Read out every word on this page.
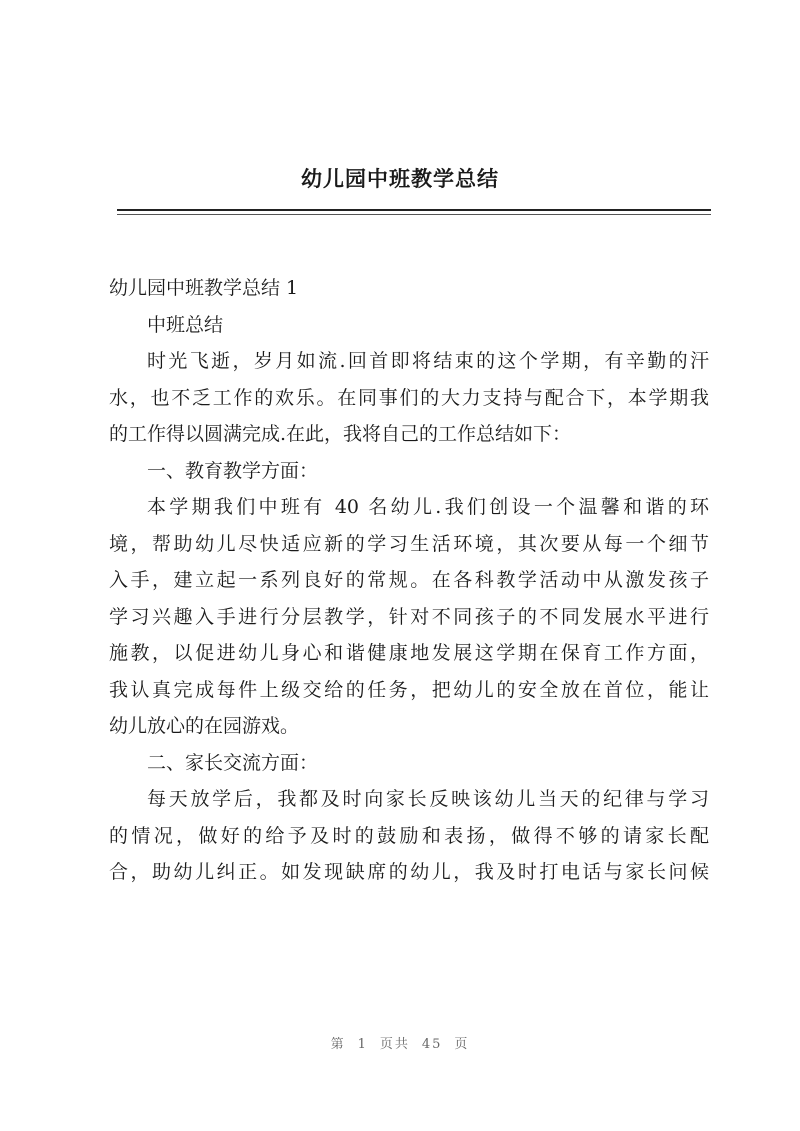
幼儿园中班教学总结
幼儿园中班教学总结 1
中班总结
时光飞逝，岁月如流.回首即将结束的这个学期，有辛勤的汗
水，也不乏工作的欢乐。在同事们的大力支持与配合下，本学期我
的工作得以圆满完成.在此，我将自己的工作总结如下：
一、教育教学方面：
本学期我们中班有 40 名幼儿.我们创设一个温馨和谐的环
境，帮助幼儿尽快适应新的学习生活环境，其次要从每一个细节
入手，建立起一系列良好的常规。在各科教学活动中从激发孩子
学习兴趣入手进行分层教学，针对不同孩子的不同发展水平进行
施教，以促进幼儿身心和谐健康地发展这学期在保育工作方面，
我认真完成每件上级交给的任务，把幼儿的安全放在首位，能让
幼儿放心的在园游戏。
二、家长交流方面：
每天放学后，我都及时向家长反映该幼儿当天的纪律与学习
的情况，做好的给予及时的鼓励和表扬，做得不够的请家长配
合，助幼儿纠正。如发现缺席的幼儿，我及时打电话与家长问候
第 1 页共 45 页
